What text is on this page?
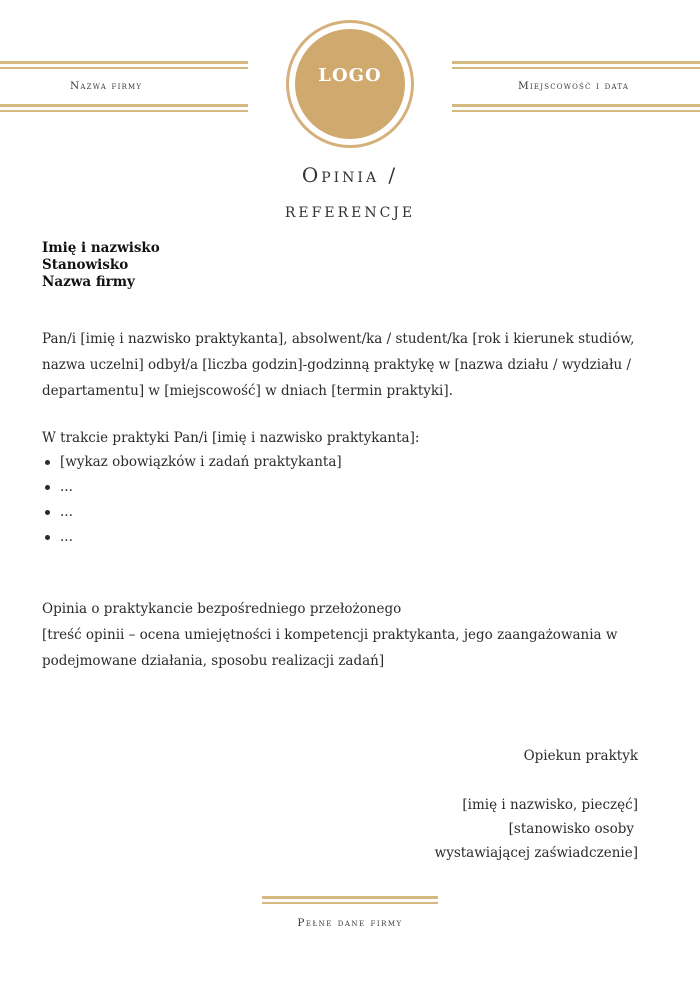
Nazwa firmy	Miejscowość i data
LOGO
Opinia /
referencje
Imię i nazwisko
Stanowisko
Nazwa firmy
Pan/i [imię i nazwisko praktykanta], absolwent/ka / student/ka [rok i kierunek studiów, nazwa uczelni] odbył/a [liczba godzin]-godzinną praktykę w [nazwa działu / wydziału / departamentu] w [miejscowość] w dniach [termin praktyki].
W trakcie praktyki Pan/i [imię i nazwisko praktykanta]:
[wykaz obowiązków i zadań praktykanta]
...
...
...
Opinia o praktykancie bezpośredniego przełożonego
[treść opinii – ocena umiejętności i kompetencji praktykanta, jego zaangażowania w podejmowane działania, sposobu realizacji zadań]
Opiekun praktyk
[imię i nazwisko, pieczęć]
[stanowisko osoby
wystawiającej zaświadczenie]
Pełne dane firmy
